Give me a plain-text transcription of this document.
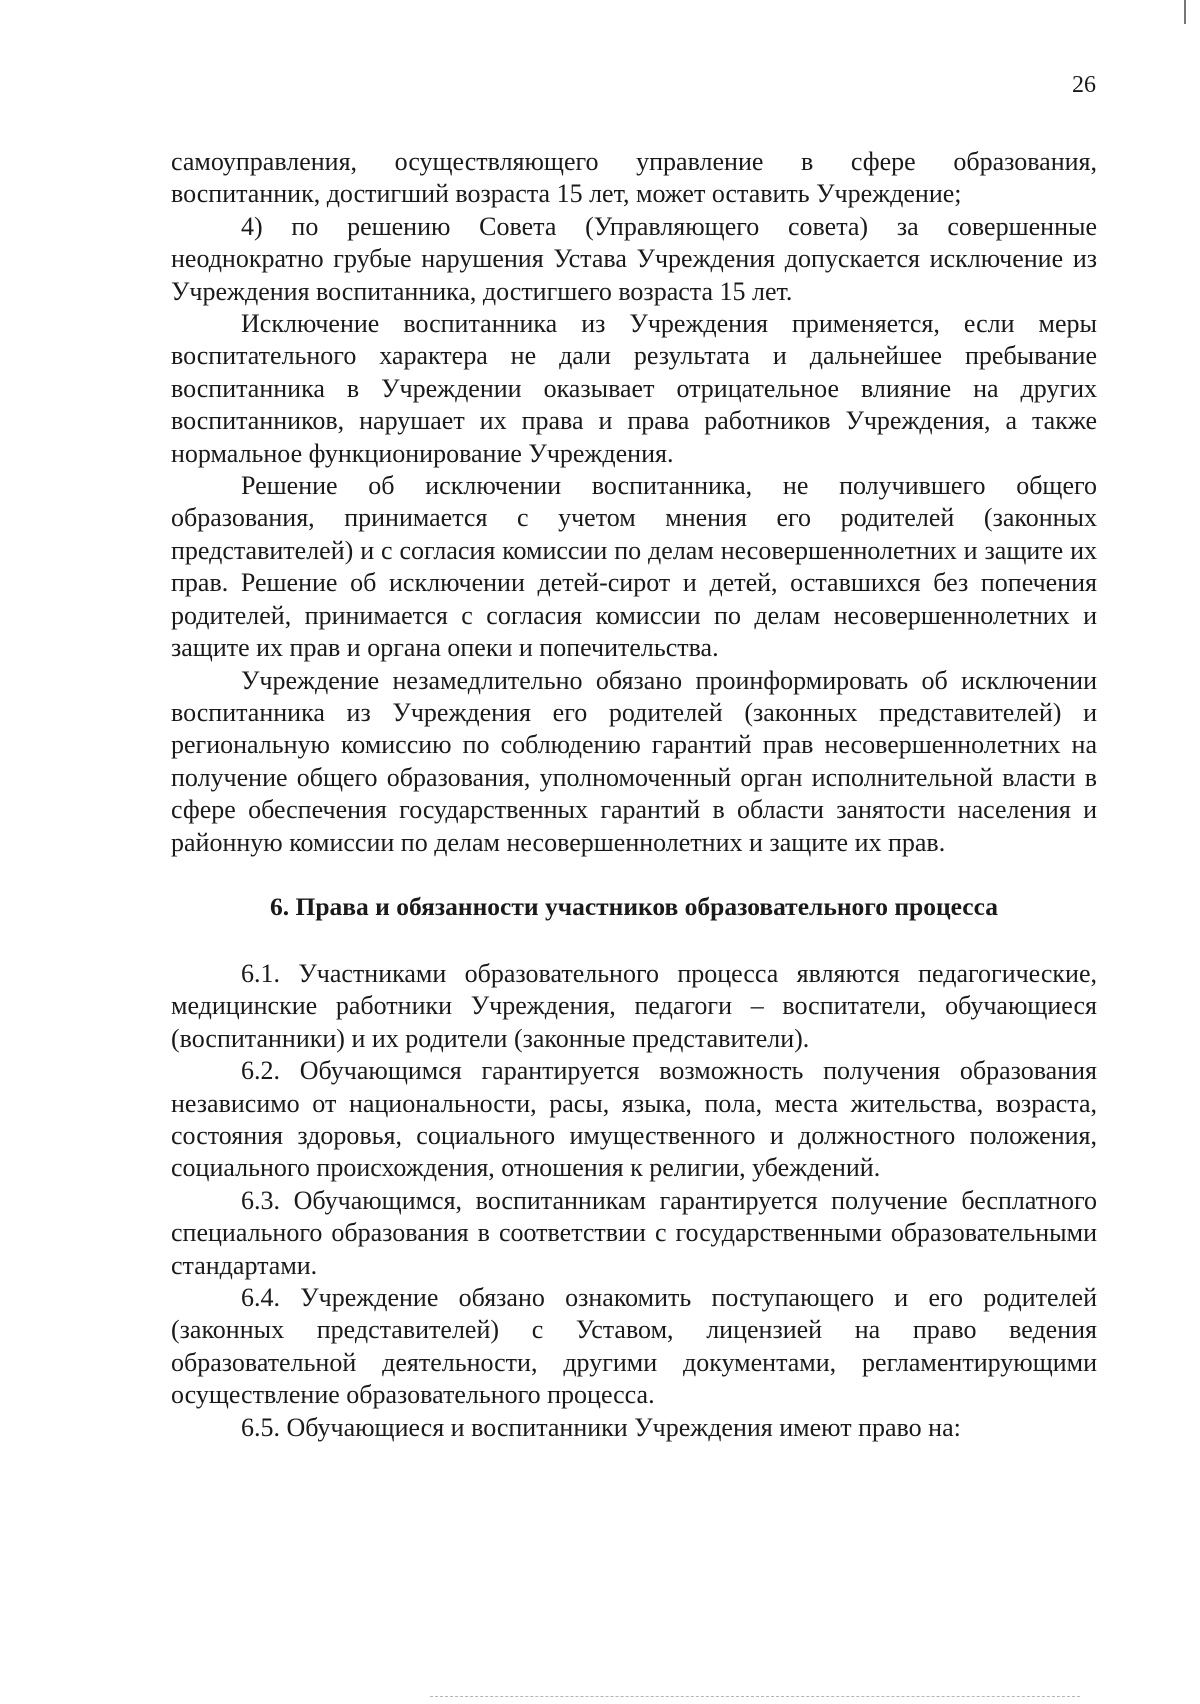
26

самоуправления, осуществляющего управление в сфере образования, воспитанник, достигший возраста 15 лет, может оставить Учреждение;

4) по решению Совета (Управляющего совета) за совершенные неоднократно грубые нарушения Устава Учреждения допускается исключение из Учреждения воспитанника, достигшего возраста 15 лет.

Исключение воспитанника из Учреждения применяется, если меры воспитательного характера не дали результата и дальнейшее пребывание воспитанника в Учреждении оказывает отрицательное влияние на других воспитанников, нарушает их права и права работников Учреждения, а также нормальное функционирование Учреждения.

Решение об исключении воспитанника, не получившего общего образования, принимается с учетом мнения его родителей (законных представителей) и с согласия комиссии по делам несовершеннолетних и защите их прав. Решение об исключении детей-сирот и детей, оставшихся без попечения родителей, принимается с согласия комиссии по делам несовершеннолетних и защите их прав и органа опеки и попечительства.

Учреждение незамедлительно обязано проинформировать об исключении воспитанника из Учреждения его родителей (законных представителей) и региональную комиссию по соблюдению гарантий прав несовершеннолетних на получение общего образования, уполномоченный орган исполнительной власти в сфере обеспечения государственных гарантий в области занятости населения и районную комиссии по делам несовершеннолетних и защите их прав.

6. Права и обязанности участников образовательного процесса

6.1. Участниками образовательного процесса являются педагогические, медицинские работники Учреждения, педагоги – воспитатели, обучающиеся (воспитанники) и их родители (законные представители).

6.2. Обучающимся гарантируется возможность получения образования независимо от национальности, расы, языка, пола, места жительства, возраста, состояния здоровья, социального имущественного и должностного положения, социального происхождения, отношения к религии, убеждений.

6.3. Обучающимся, воспитанникам гарантируется получение бесплатного специального образования в соответствии с государственными образовательными стандартами.

6.4. Учреждение обязано ознакомить поступающего и его родителей (законных представителей) с Уставом, лицензией на право ведения образовательной деятельности, другими документами, регламентирующими осуществление образовательного процесса.

6.5. Обучающиеся и воспитанники Учреждения имеют право на:
